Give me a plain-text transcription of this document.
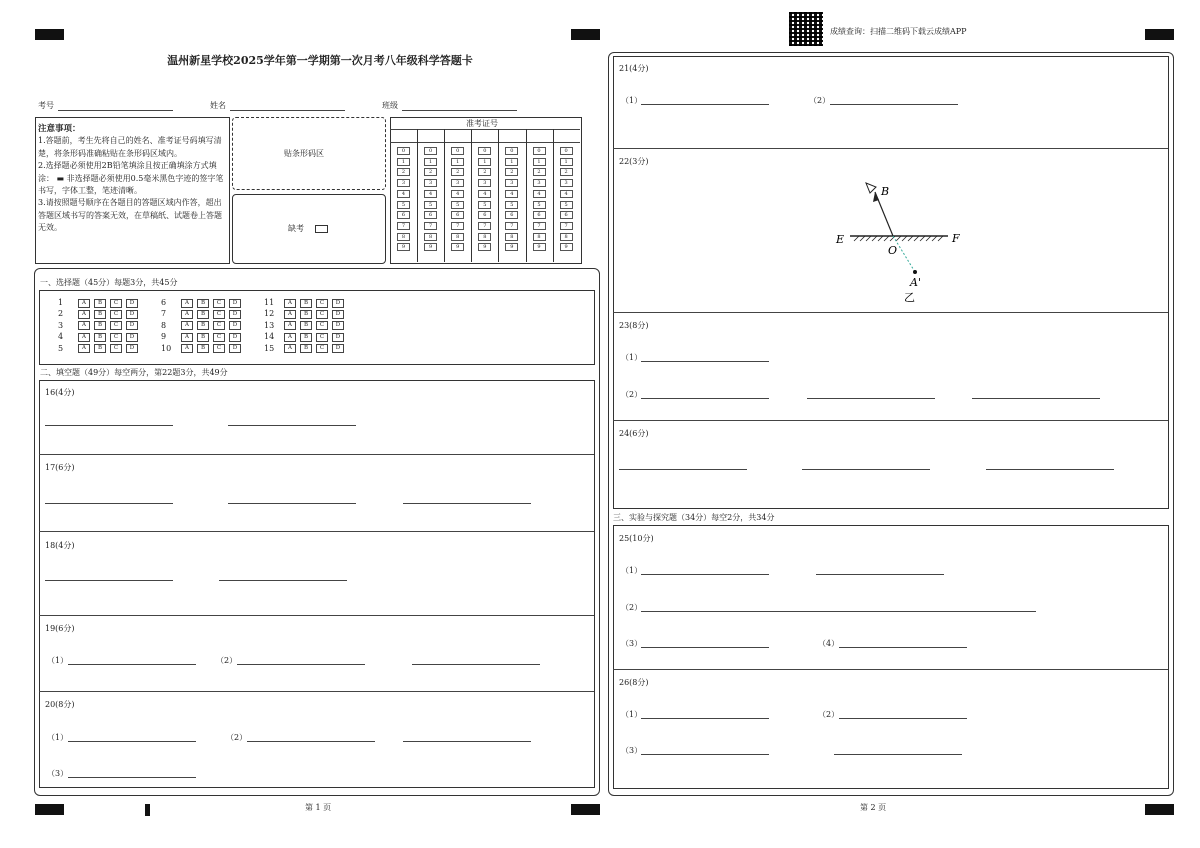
成绩查询：扫描二维码下载云成绩APP
温州新星学校2025学年第一学期第一次月考八年级科学答题卡
考号	姓名	班级
注意事项：
1.答题前，考生先将自己的姓名、准考证号码填写清楚，将条形码准确粘贴在条形码区域内。
2.选择题必须使用2B铅笔填涂且按正确填涂方式填涂： ▬ 非选择题必须使用0.5毫米黑色字迹的签字笔书写，字体工整，笔迹清晰。
3.请按照题号顺序在各题目的答题区域内作答，超出答题区域书写的答案无效，在草稿纸、试题卷上答题无效。
贴条形码区
缺考
准考证号
0
1
2
3
4
5
6
7
8
9
0
1
2
3
4
5
6
7
8
9
0
1
2
3
4
5
6
7
8
9
0
1
2
3
4
5
6
7
8
9
0
1
2
3
4
5
6
7
8
9
0
1
2
3
4
5
6
7
8
9
0
1
2
3
4
5
6
7
8
9
一、选择题（45分）每题3分，共45分
1	A B C D
2	A B C D
3	A B C D
4	A B C D
5	A B C D
6	A B C D
7	A B C D
8	A B C D
9	A B C D
10	A B C D
11	A B C D
12	A B C D
13	A B C D
14	A B C D
15	A B C D
二、填空题（49分）每空两分，第22题3分，共49分
16(4分)
17(6分)
18(4分)
19(6分)
（1）	（2）
20(8分)
（1）	（2）
（3）
第 1 页
21(4分)
（1）	（2）
22(3分)
B
E	F
O
A'
乙
23(8分)
（1）
（2）
24(6分)
三、实验与探究题（34分）每空2分，共34分
25(10分)
（1）
（2）
（3）	（4）
26(8分)
（1）	（2）
（3）
第 2 页
